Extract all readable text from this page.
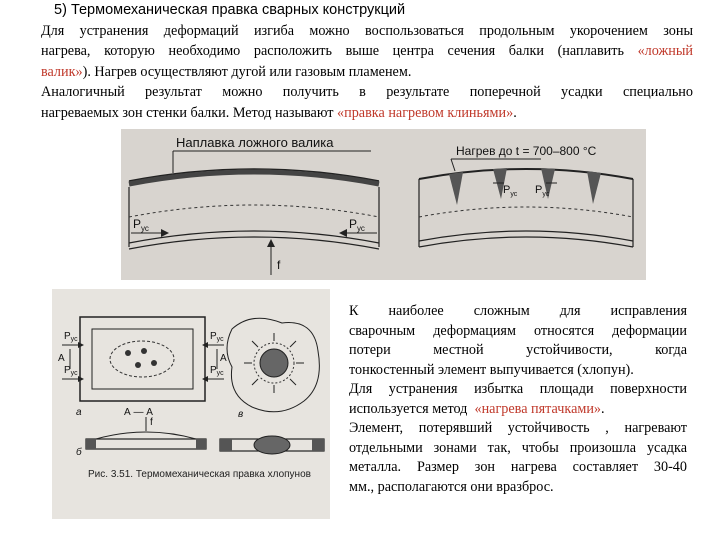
5) Термомеханическая правка сварных конструкций
Для устранения деформаций изгиба можно воспользоваться продольным укорочением зоны
нагрева, которую необходимо расположить выше центра сечения балки (наплавить «ложный
валик»). Нагрев осуществляют дугой или газовым пламенем.
Аналогичный результат можно получить в результате поперечной усадки специально
нагреваемых зон стенки балки. Метод называют «правка нагревом клиньями».
Наплавка ложного валика
$P_{ус}$	$P_{ус}$
f
Нагрев до t = 700–800 °C
$P_{ус}$ $P_{ус}$
$P_{ус}$
$P_{ус}$
$P_{ус}$
$P_{ус}$
А	А
а	А — А
f
б
в
Рис. 3.51. Термомеханическая правка хлопунов
К наиболее сложным для исправления
сварочным деформациям относятся деформации
потери местной устойчивости, когда
тонкостенный элемент выпучивается (хлопун).
Для устранения избытка площади поверхности
используется метод «нагрева пятачками».
Элемент, потерявший устойчивость , нагревают
отдельными зонами так, чтобы произошла усадка
металла. Размер зон нагрева составляет 30-40
мм., располагаются они вразброс.
